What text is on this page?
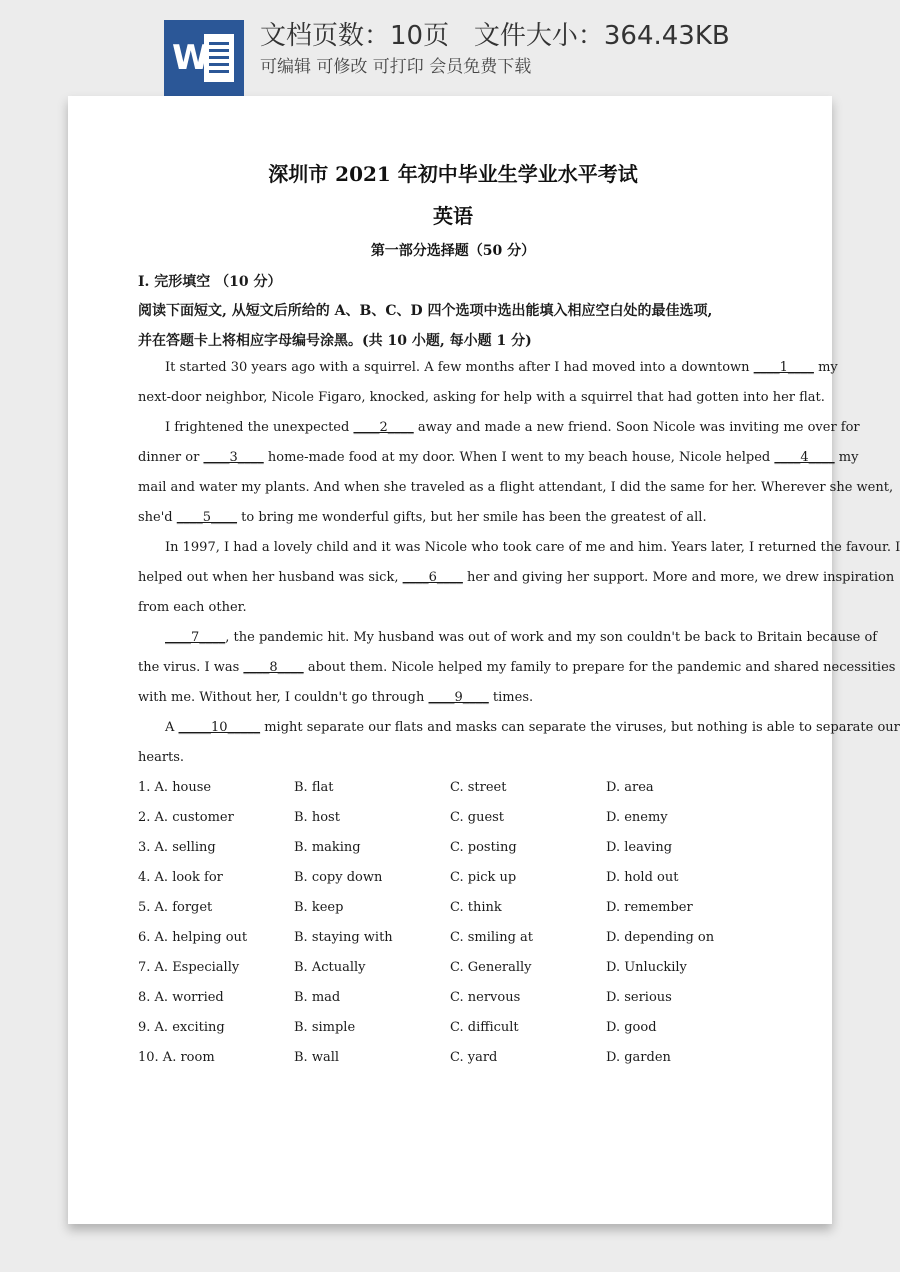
W
文档页数：10页   文件大小：364.43KB
可编辑 可修改 可打印 会员免费下载
深圳市 2021 年初中毕业生学业水平考试
英语
第一部分选择题（50 分）
I. 完形填空 （10 分）
阅读下面短文, 从短文后所给的 A、B、C、D 四个选项中选出能填入相应空白处的最佳选项,
并在答题卡上将相应字母编号涂黑。(共 10 小题, 每小题 1 分)
It started 30 years ago with a squirrel. A few months after I had moved into a downtown ____1____ my
next-door neighbor, Nicole Figaro, knocked, asking for help with a squirrel that had gotten into her flat.
I frightened the unexpected ____2____ away and made a new friend. Soon Nicole was inviting me over for
dinner or ____3____ home-made food at my door. When I went to my beach house, Nicole helped ____4____ my
mail and water my plants. And when she traveled as a flight attendant, I did the same for her. Wherever she went,
she'd ____5____ to bring me wonderful gifts, but her smile has been the greatest of all.
In 1997, I had a lovely child and it was Nicole who took care of me and him. Years later, I returned the favour. I
helped out when her husband was sick, ____6____ her and giving her support. More and more, we drew inspiration
from each other.
____7____, the pandemic hit. My husband was out of work and my son couldn't be back to Britain because of
the virus. I was ____8____ about them. Nicole helped my family to prepare for the pandemic and shared necessities
with me. Without her, I couldn't go through ____9____ times.
A _____10_____ might separate our flats and masks can separate the viruses, but nothing is able to separate our
hearts.
1. A. house	B. flat	C. street	D. area
2. A. customer	B. host	C. guest	D. enemy
3. A. selling	B. making	C. posting	D. leaving
4. A. look for	B. copy down	C. pick up	D. hold out
5. A. forget	B. keep	C. think	D. remember
6. A. helping out	B. staying with	C. smiling at	D. depending on
7. A. Especially	B. Actually	C. Generally	D. Unluckily
8. A. worried	B. mad	C. nervous	D. serious
9. A. exciting	B. simple	C. difficult	D. good
10. A. room	B. wall	C. yard	D. garden
